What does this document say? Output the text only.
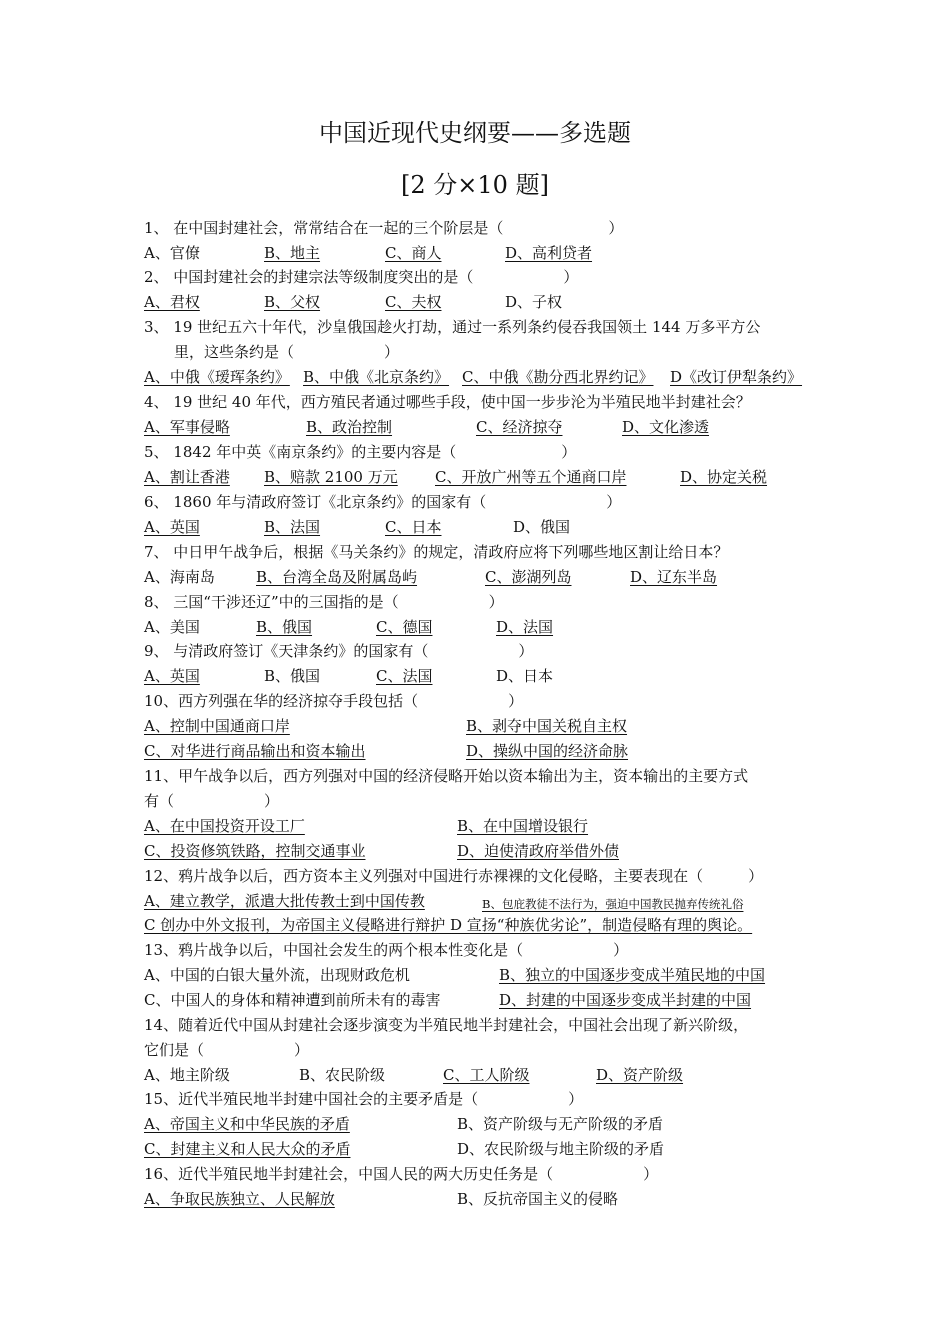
中国近现代史纲要——多选题
[2 分×10 题]
1、 在中国封建社会，常常结合在一起的三个阶层是（　　　　　　　）
A、官僚	B、地主	C、商人	D、高利贷者
2、 中国封建社会的封建宗法等级制度突出的是（　　　　　　）
A、君权	B、父权	C、夫权	D、子权
3、 19 世纪五六十年代，沙皇俄国趁火打劫，通过一系列条约侵吞我国领土 144 万多平方公
里，这些条约是（　　　　　　）
A、中俄《瑷珲条约》 B、中俄《北京条约》 C、中俄《勘分西北界约记》 D《改订伊犁条约》
4、 19 世纪 40 年代，西方殖民者通过哪些手段，使中国一步步沦为半殖民地半封建社会？
A、军事侵略	B、政治控制	C、经济掠夺	D、文化渗透
5、 1842 年中英《南京条约》的主要内容是（　　　　　　　）
A、割让香港 B、赔款 2100 万元 C、开放广州等五个通商口岸	D、协定关税
6、 1860 年与清政府签订《北京条约》的国家有（　　　　　　　　）
A、英国	B、法国	C、日本	D、俄国
7、 中日甲午战争后，根据《马关条约》的规定，清政府应将下列哪些地区割让给日本？
A、海南岛	B、台湾全岛及附属岛屿	C、澎湖列岛	D、辽东半岛
8、 三国“干涉还辽”中的三国指的是（　　　　　　）
A、美国	B、俄国	C、德国	D、法国
9、 与清政府签订《天津条约》的国家有（　　　　　　）
A、英国	B、俄国	C、法国	D、日本
10、西方列强在华的经济掠夺手段包括（　　　　　　）
A、控制中国通商口岸	B、剥夺中国关税自主权
C、对华进行商品输出和资本输出	D、操纵中国的经济命脉
11、甲午战争以后，西方列强对中国的经济侵略开始以资本输出为主，资本输出的主要方式
有（　　　　　　）
A、在中国投资开设工厂	B、在中国增设银行
C、投资修筑铁路，控制交通事业	D、迫使清政府举借外债
12、鸦片战争以后，西方资本主义列强对中国进行赤裸裸的文化侵略，主要表现在（　　　）
A、建立教学，派遣大批传教士到中国传教	B、包庇教徒不法行为，强迫中国教民抛弃传统礼俗
C 创办中外文报刊，为帝国主义侵略进行辩护 D 宣扬“种族优劣论”，制造侵略有理的舆论。
13、鸦片战争以后，中国社会发生的两个根本性变化是（　　　　　　）
A、中国的白银大量外流，出现财政危机	B、独立的中国逐步变成半殖民地的中国
C、中国人的身体和精神遭到前所未有的毒害	D、封建的中国逐步变成半封建的中国
14、随着近代中国从封建社会逐步演变为半殖民地半封建社会，中国社会出现了新兴阶级，
它们是（　　　　　　）
A、地主阶级	B、农民阶级	C、工人阶级	D、资产阶级
15、近代半殖民地半封建中国社会的主要矛盾是（　　　　　　）
A、帝国主义和中华民族的矛盾	B、资产阶级与无产阶级的矛盾
C、封建主义和人民大众的矛盾	D、农民阶级与地主阶级的矛盾
16、近代半殖民地半封建社会，中国人民的两大历史任务是（　　　　　　）
A、争取民族独立、人民解放	B、反抗帝国主义的侵略
